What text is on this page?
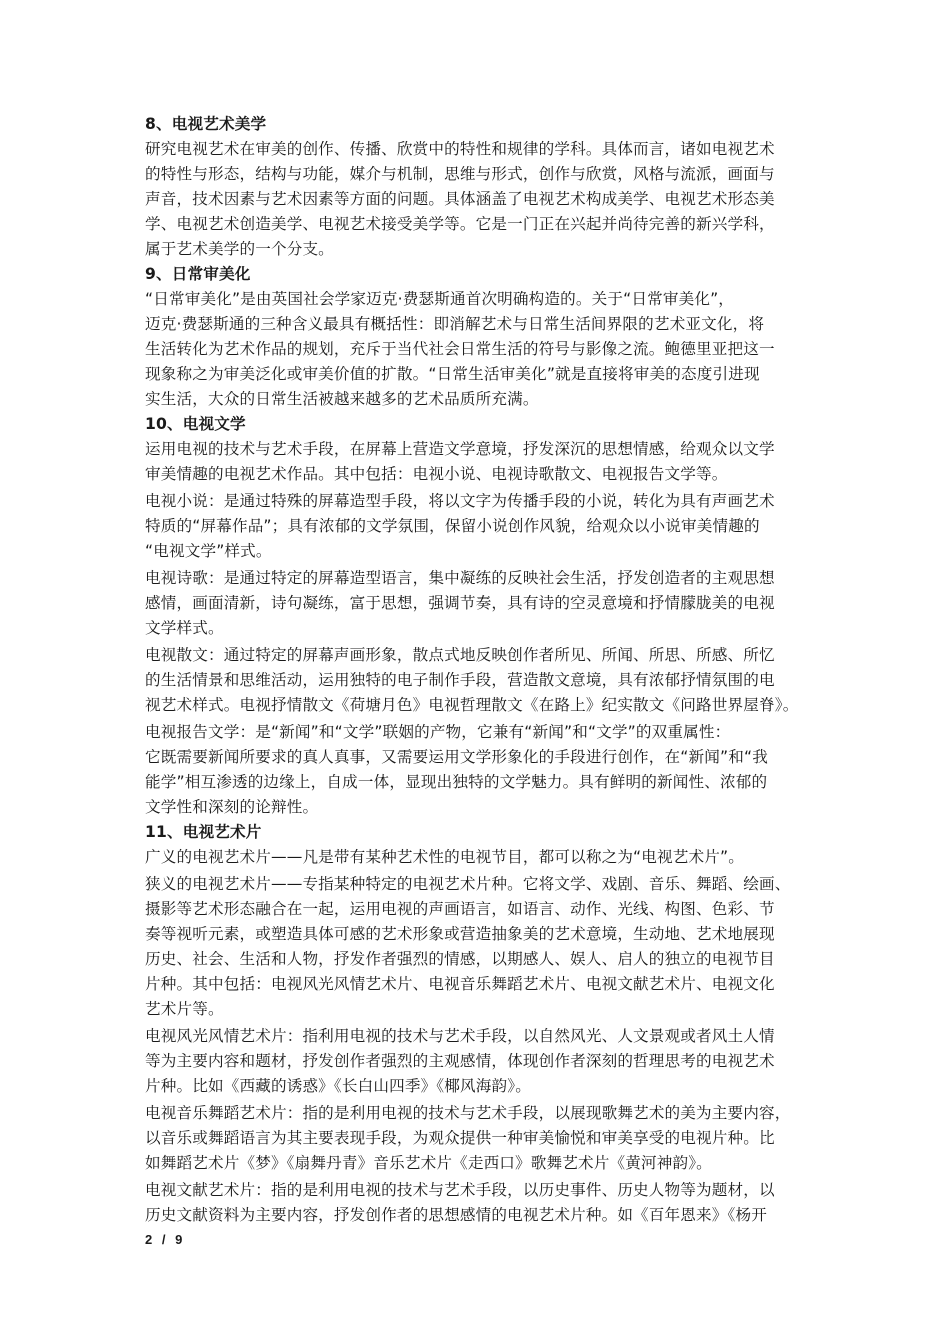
8、电视艺术美学
研究电视艺术在审美的创作、传播、欣赏中的特性和规律的学科。具体而言，诸如电视艺术
的特性与形态，结构与功能，媒介与机制，思维与形式，创作与欣赏，风格与流派，画面与
声音，技术因素与艺术因素等方面的问题。具体涵盖了电视艺术构成美学、电视艺术形态美
学、电视艺术创造美学、电视艺术接受美学等。它是一门正在兴起并尚待完善的新兴学科，
属于艺术美学的一个分支。
9、日常审美化
“日常审美化”是由英国社会学家迈克·费瑟斯通首次明确构造的。关于“日常审美化”，
迈克·费瑟斯通的三种含义最具有概括性：即消解艺术与日常生活间界限的艺术亚文化，将
生活转化为艺术作品的规划，充斥于当代社会日常生活的符号与影像之流。鲍德里亚把这一
现象称之为审美泛化或审美价值的扩散。“日常生活审美化”就是直接将审美的态度引进现
实生活，大众的日常生活被越来越多的艺术品质所充满。
10、电视文学
运用电视的技术与艺术手段，在屏幕上营造文学意境，抒发深沉的思想情感，给观众以文学
审美情趣的电视艺术作品。其中包括：电视小说、电视诗歌散文、电视报告文学等。
电视小说：是通过特殊的屏幕造型手段，将以文字为传播手段的小说，转化为具有声画艺术
特质的“屏幕作品”；具有浓郁的文学氛围，保留小说创作风貌，给观众以小说审美情趣的
“电视文学”样式。
电视诗歌：是通过特定的屏幕造型语言，集中凝练的反映社会生活，抒发创造者的主观思想
感情，画面清新，诗句凝练，富于思想，强调节奏，具有诗的空灵意境和抒情朦胧美的电视
文学样式。
电视散文：通过特定的屏幕声画形象，散点式地反映创作者所见、所闻、所思、所感、所忆
的生活情景和思维活动，运用独特的电子制作手段，营造散文意境，具有浓郁抒情氛围的电
视艺术样式。电视抒情散文《荷塘月色》电视哲理散文《在路上》纪实散文《问路世界屋脊》。
电视报告文学：是“新闻”和“文学”联姻的产物，它兼有“新闻”和“文学”的双重属性：
它既需要新闻所要求的真人真事，又需要运用文学形象化的手段进行创作，在“新闻”和“我
能学”相互渗透的边缘上，自成一体，显现出独特的文学魅力。具有鲜明的新闻性、浓郁的
文学性和深刻的论辩性。
11、电视艺术片
广义的电视艺术片——凡是带有某种艺术性的电视节目，都可以称之为“电视艺术片”。
狭义的电视艺术片——专指某种特定的电视艺术片种。它将文学、戏剧、音乐、舞蹈、绘画、
摄影等艺术形态融合在一起，运用电视的声画语言，如语言、动作、光线、构图、色彩、节
奏等视听元素，或塑造具体可感的艺术形象或营造抽象美的艺术意境，生动地、艺术地展现
历史、社会、生活和人物，抒发作者强烈的情感，以期感人、娱人、启人的独立的电视节目
片种。其中包括：电视风光风情艺术片、电视音乐舞蹈艺术片、电视文献艺术片、电视文化
艺术片等。
电视风光风情艺术片：指利用电视的技术与艺术手段，以自然风光、人文景观或者风土人情
等为主要内容和题材，抒发创作者强烈的主观感情，体现创作者深刻的哲理思考的电视艺术
片种。比如《西藏的诱惑》《长白山四季》《椰风海韵》。
电视音乐舞蹈艺术片：指的是利用电视的技术与艺术手段，以展现歌舞艺术的美为主要内容，
以音乐或舞蹈语言为其主要表现手段，为观众提供一种审美愉悦和审美享受的电视片种。比
如舞蹈艺术片《梦》《扇舞丹青》音乐艺术片《走西口》歌舞艺术片《黄河神韵》。
电视文献艺术片：指的是利用电视的技术与艺术手段，以历史事件、历史人物等为题材，以
历史文献资料为主要内容，抒发创作者的思想感情的电视艺术片种。如《百年恩来》《杨开
2 / 9
